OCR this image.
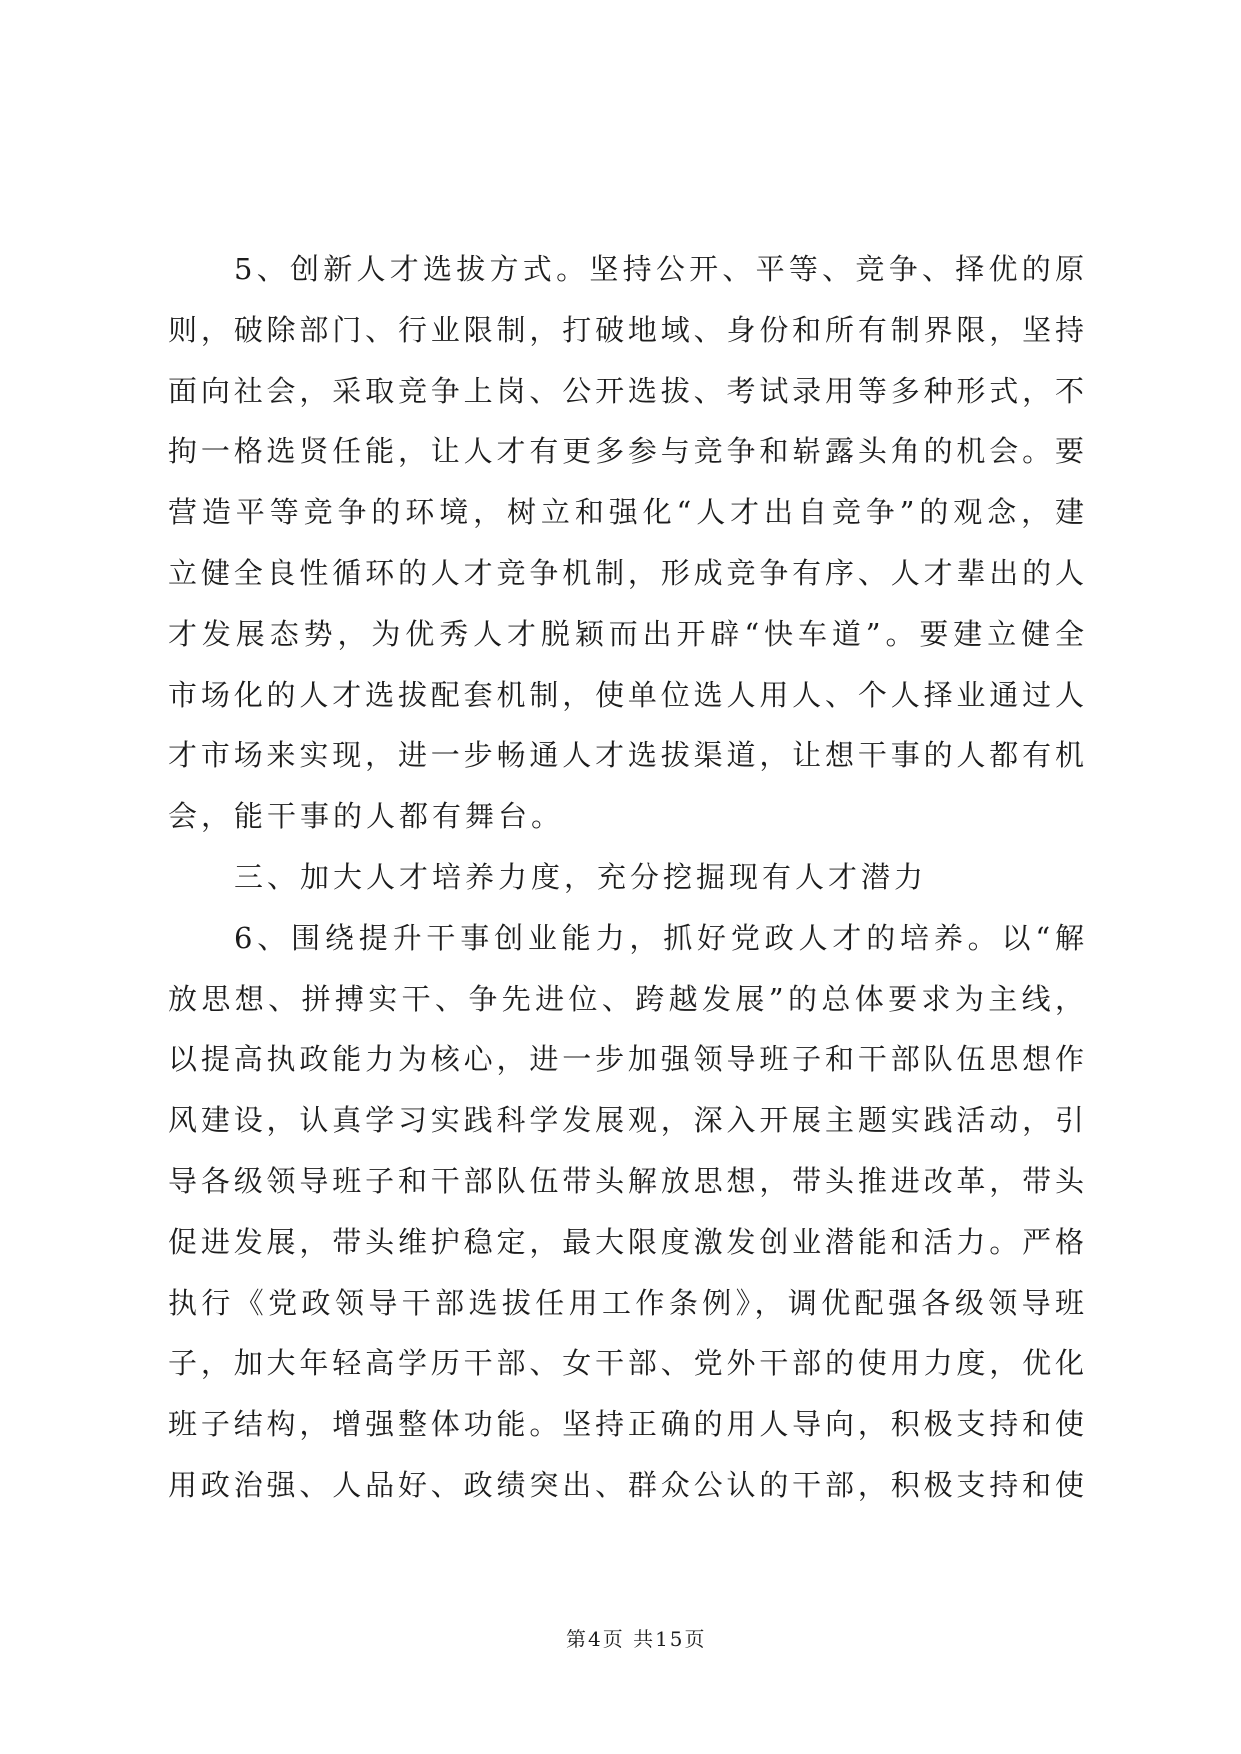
5、创新人才选拔方式。坚持公开、平等、竞争、择优的原
则，破除部门、行业限制，打破地域、身份和所有制界限，坚持
面向社会，采取竞争上岗、公开选拔、考试录用等多种形式，不
拘一格选贤任能，让人才有更多参与竞争和崭露头角的机会。要
营造平等竞争的环境，树立和强化“人才出自竞争”的观念，建
立健全良性循环的人才竞争机制，形成竞争有序、人才辈出的人
才发展态势，为优秀人才脱颖而出开辟“快车道”。要建立健全
市场化的人才选拔配套机制，使单位选人用人、个人择业通过人
才市场来实现，进一步畅通人才选拔渠道，让想干事的人都有机
会，能干事的人都有舞台。
三、加大人才培养力度，充分挖掘现有人才潜力
6、围绕提升干事创业能力，抓好党政人才的培养。以“解
放思想、拼搏实干、争先进位、跨越发展”的总体要求为主线，
以提高执政能力为核心，进一步加强领导班子和干部队伍思想作
风建设，认真学习实践科学发展观，深入开展主题实践活动，引
导各级领导班子和干部队伍带头解放思想，带头推进改革，带头
促进发展，带头维护稳定，最大限度激发创业潜能和活力。严格
执行《党政领导干部选拔任用工作条例》，调优配强各级领导班
子，加大年轻高学历干部、女干部、党外干部的使用力度，优化
班子结构，增强整体功能。坚持正确的用人导向，积极支持和使
用政治强、人品好、政绩突出、群众公认的干部，积极支持和使
第4页 共15页
